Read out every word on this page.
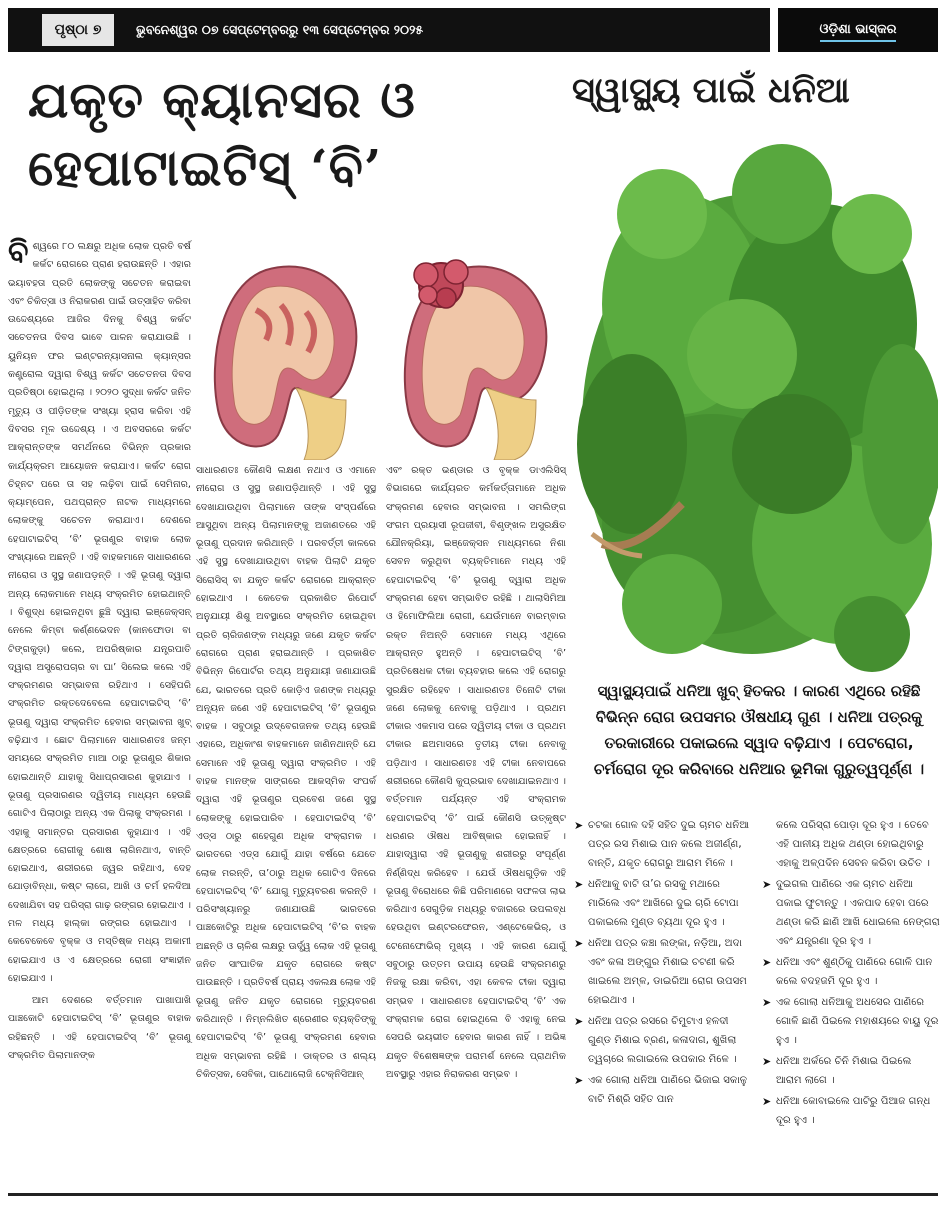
ପୃଷ୍ଠା ୭	ଭୁବନେଶ୍ୱର ୦୭ ସେପ୍ଟେମ୍ବରରୁ ୧୩ ସେପ୍ଟେମ୍ବର ୨୦୨୫	ଓଡ଼ିଶା ଭାସ୍କର
ଯକୃତ କ୍ୟାନସର ଓ
ହେପାଟାଇଟିସ୍ ‘ବି’
ସ୍ୱାସ୍ଥ୍ୟ ପାଇଁ ଧନିଆ

ବିଶ୍ୱରେ ୮୦ ଲକ୍ଷରୁ ଅଧିକ ଲୋକ ପ୍ରତି ବର୍ଷ କର୍କଟ ରୋଗରେ ପ୍ରାଣ ହରାଉଛନ୍ତି । ଏହାର ଭୟାବହତା ପ୍ରତି ଲୋକଙ୍କୁ ସଚେତନ କରାଇବା ଏବଂ ଚିକିତ୍ସା ଓ ନିରାକରଣ ପାଇଁ ଉତ୍ସାହିତ କରିବା ଉଦ୍ଦେଶ୍ୟରେ ଆଜିର ଦିନକୁ ବିଶ୍ୱ କର୍କଟ ସଚେତନତା ଦିବସ ଭାବେ ପାଳନ କରାଯାଉଛି । ୟୁନିୟନ ଫର ଇଣ୍ଟରନ୍ୟାସନାଲ କ୍ୟାନ୍ସର କଣ୍ଟ୍ରୋଲ ଦ୍ୱାରା ବିଶ୍ୱ କର୍କଟ ସଚେତନତା ଦିବସ ପ୍ରତିଷ୍ଠା ହୋଇଥିଲା । ୨୦୨୦ ସୁଦ୍ଧା କର୍କଟ ଜନିତ ମୃତ୍ୟୁ ଓ ପୀଡ଼ିତଙ୍କ ସଂଖ୍ୟା ହ୍ରାସ କରିବା ଏହି ଦିବସର ମୂଳ ଉଦ୍ଦେଶ୍ୟ । ଏ ଅବସରରେ କର୍କଟ ଆକ୍ରାନ୍ତଙ୍କ ସମର୍ଥନରେ ବିଭିନ୍ନ ପ୍ରକାର କାର୍ଯ୍ୟକ୍ରମ ଆୟୋଜନ କରାଯାଏ। କର୍କଟ ରୋଗ ଚିହ୍ନଟ ପରେ ତା ସହ ଲଢ଼ିବା ପାଇଁ ସେମିନାର, କ୍ୟାମ୍ପେନ, ପଥପ୍ରାନ୍ତ ନାଟକ ମାଧ୍ୟମରେ ଲୋକଙ୍କୁ ସଚେତନ କରାଯାଏ। ଦେଶରେ ହେପାଟାଇଟିସ୍ ‘ବି’ ଭୂତାଣୁର ବାହାକ ଲୋକ ସଂଖ୍ୟାରେ ଅଛନ୍ତି । ଏହି ବାହକମାନେ ସାଧାରଣରେ ନୀରୋଗ ଓ ସୁସ୍ଥ ଜଣାପଡ଼ନ୍ତି । ଏହି ଭୂତାଣୁ ଦ୍ୱାରା ଅନ୍ୟ ଲୋକମାନେ ମଧ୍ୟ ସଂକ୍ରମିତ ହୋଇଥାନ୍ତି । ବିଶୁଦ୍ଧ ହୋଇନଥିବା ଛୁଞ୍ଚି ଦ୍ୱାରା ଇଞ୍ଜେକ୍ସନ୍ ନେଲେ କିମ୍ବା କର୍ଣ୍ଣଭେଦନ (କାନଫୋଡା ବା ଟିଙ୍ଗକୁଡ଼ା) କଲେ, ଅପରିଷ୍କାର ଯନ୍ତ୍ରପାତି ଦ୍ୱାରା ଅସ୍ତ୍ରୋପଚାର ବା ଘା’ ସିଲେଇ କଲେ ଏହି ସଂକ୍ରମଣର ସମ୍ଭାବନା ରହିଥାଏ । ସେହିପରି ସଂକ୍ରମିତ ରକ୍ତଦେବେଲେ ହେପାଟାଇଟିସ୍ ‘ବି’ ଭୂତାଣୁ ଦ୍ୱାରା ସଂକ୍ରମିତ ହେବାର ସମ୍ଭାବନା ଖୁବ୍ ବଢ଼ିଯାଏ । ଛୋଟ ପିଲାମାନେ ସାଧାରଣତଃ ଜନ୍ମ ସମୟରେ ସଂକ୍ରମିତ ମାଆ ଠାରୁ ଭୂତାଣୁର ଶିକାର ହୋଇଥାନ୍ତି ଯାହାକୁ ସିଧାପ୍ରସାରଣ କୁହାଯାଏ । ଭୂତାଣୁ ପ୍ରସାରଣର ଦ୍ୱିତୀୟ ମାଧ୍ୟମ ହେଉଛି ଗୋଟିଏ ପିଲାଠାରୁ ଅନ୍ୟ ଏକ ପିଲାକୁ ସଂକ୍ରମଣ । ଏହାକୁ ସମାନ୍ତର ପ୍ରସାରଣ କୁହାଯାଏ । ଏହି କ୍ଷେତ୍ରରେ ରୋଗୀକୁ ଶୋଷ ଲାଗିନଥାଏ, ବାନ୍ତି ହୋଇଥାଏ, ଶରୀରରେ ଜ୍ୱର ରହିଥାଏ, ଦେହ ଯୋଡ଼ାବିନ୍ଧା, କଷ୍ଟ ଲାଗେ, ଆଖି ଓ ଚର୍ମ ହଳଦିଆ ଦେଖାଯିବା ସହ ପରିସ୍ରା ଗାଢ଼ ରଙ୍ଗର ହୋଇଥାଏ । ମଳ ମଧ୍ୟ ହାଲ୍କା ରଙ୍ଗର ହୋଇଥାଏ । କେବେକେବେ ବୃକ୍କ ଓ ମସ୍ତିଷ୍କ ମଧ୍ୟ ଅକାମୀ ହୋଇଯାଏ ଓ ଏ କ୍ଷେତ୍ରରେ ରୋଗୀ ସଂଜ୍ଞାହୀନ ହୋଇଯାଏ ।

ଆମ ଦେଶରେ ବର୍ତ୍ତମାନ ପାଖାପାଖି ପାଞ୍ଚକୋଟି ହେପାଟାଇଟିସ୍ ‘ବି’ ଭୂତାଣୁର ବାହାକ ରହିଛନ୍ତି । ଏହି ହେପାଟାଇଟିସ୍ ‘ବି’ ଭୂତାଣୁ ସଂକ୍ରମିତ ପିଲାମାନଙ୍କ

ସାଧାରଣତଃ କୌଣସି ଲକ୍ଷଣ ନଥାଏ ଓ ଏମାନେ ନୀରୋଗ ଓ ସୁସ୍ଥ ଜଣାପଡ଼ିଥାନ୍ତି । ଏହି ସୁସ୍ଥ ଦେଖାଯାଉଥିବା ପିଲାମାନେ ତାଙ୍କ ସଂସ୍ପର୍ଶରେ ଆସୁଥିବା ଅନ୍ୟ ପିଲାମାନଙ୍କୁ ଅଜାଣତରେ ଏହି ଭୂତାଣୁ ପ୍ରଦାନ କରିଥାନ୍ତି । ପରବର୍ତ୍ତୀ କାଳରେ ଏହି ସୁସ୍ଥ ଦେଖାଯାଉଥିବା ବାହକ ପିଲାଟି ଯକୃତ ସିରୋସିସ୍ ବା ଯକୃତ କର୍କଟ ରୋଗରେ ଆକ୍ରାନ୍ତ ହୋଇଥାଏ । କେତେକ ପ୍ରକାଶିତ ରିପୋର୍ଟ ଅନୁଯାୟୀ ଶିଶୁ ଅବସ୍ଥାରେ ସଂକ୍ରମିତ ହୋଇଥିବା ପ୍ରତି ଚାରିଜଣଙ୍କ ମଧ୍ୟରୁ ଜଣେ ଯକୃତ କର୍କଟ ରୋଗରେ ପ୍ରାଣ ହରାଇଥାନ୍ତି । ପ୍ରକାଶିତ ବିଭିନ୍ନ ରିପୋର୍ଟର ତଥ୍ୟ ଅନୁଯାୟୀ ଜଣାଯାଉଛି ଯେ, ଭାରତରେ ପ୍ରତି କୋଡ଼ିଏ ଜଣଙ୍କ ମଧ୍ୟରୁ ଅନ୍ୟୂନ ଜଣେ ଏହି ହେପାଟାଇଟିସ୍ ‘ବି’ ଭୂତାଣୁର ବାହକ । ସବୁଠାରୁ ଉଦ୍‌ବେଗଜନକ ତଥ୍ୟ ହେଉଛି ଏହାରେ, ଅଧିକାଂଶ ବାହକମାନେ ଜାଣିନଥାନ୍ତି ଯେ ସେମାନେ ଏହି ଭୂତାଣୁ ଦ୍ୱାରା ସଂକ୍ରମିତ । ଏହି ବାହକ ମାନଙ୍କ ସାଙ୍ଗରେ ଆକସ୍ମିକ ସଂପର୍କ ଦ୍ୱାରା ଏହି ଭୂତାଣୁର ପ୍ରବେଶ ଜଣେ ସୁସ୍ଥ ଲୋକଙ୍କୁ ହୋଇପାରିବ । ହେପାଟାଇଟିସ୍ ‘ବି’ ଏଡ୍‌ସ ଠାରୁ ଶହେଗୁଣ ଅଧିକ ସଂକ୍ରାମକ । ଭାରତରେ ଏଡ୍‌ସ ଯୋଗୁଁ ଯାହା ବର୍ଷରେ ଯେତେ ଲୋକ ମରନ୍ତି, ତା’ଠାରୁ ଅଧିକ ଗୋଟିଏ ଦିନରେ ହେପାଟାଇଟିସ୍ ‘ବି’ ଯୋଗୁ ମୃତ୍ୟୁବରଣ କରନ୍ତି । ପରିସଂଖ୍ୟାନରୁ ଜଣାଯାଉଛି ଭାରତରେ ପାଞ୍ଚକୋଟିରୁ ଅଧିକ ହେପାଟାଇଟିସ୍ ‘ବି’ର ବାହକ ଅଛନ୍ତି ଓ ଚାଳିଶ ଲକ୍ଷରୁ ଊର୍ଦ୍ଧ୍ୱ ଲୋକ ଏହି ଭୂତାଣୁ ଜନିତ ସାଂଘାତିକ ଯକୃତ ରୋଗରେ କଷ୍ଟ ପାଉଛନ୍ତି । ପ୍ରତିବର୍ଷ ପ୍ରାୟ ଏକଲକ୍ଷ ଲୋକ ଏହି ଭୂତାଣୁ ଜନିତ ଯକୃତ ରୋଗରେ ମୃତ୍ୟୁବରଣ କରିଥାନ୍ତି । ନିମ୍ନଲିଖିତ ଶ୍ରେଣୀର ବ୍ୟକ୍ତିଙ୍କୁ ହେପାଟାଇଟିସ୍ ‘ବି’ ଭୂତାଣୁ ସଂକ୍ରମଣ ହେବାର ଅଧିକ ସମ୍ଭାବନା ରହିଛି । ଡାକ୍ତର ଓ ଶଲ୍ୟ ଚିକିତ୍ସକ, ସେବିକା, ପାଥୋଲୋଜି ଟେକ୍‌ନିସିଆନ୍

ଏବଂ ରକ୍ତ ଭଣ୍ଡାର ଓ ବୃକ୍କ ଡାଏଲିସିସ୍ ବିଭାଗରେ କାର୍ଯ୍ୟରତ କର୍ମକର୍ତ୍ତାମାନେ ଅଧିକ ସଂକ୍ରମଣ ହେବାର ସମ୍ଭାବନା । ସମଲିଙ୍ଗ ସଂଗମ ପ୍ରୟାସୀ ରୂପଜୀବୀ, ବିଶୃଙ୍ଖଳ ଅସୁରକ୍ଷିତ ଯୌନକ୍ରିୟା, ଇଞ୍ଜେକ୍‌ସନ ମାଧ୍ୟମରେ ନିଶା ସେବନ କରୁଥିବା ବ୍ୟକ୍ତିମାନେ ମଧ୍ୟ ଏହି ହେପାଟାଇଟିସ୍ ‘ବି’ ଭୂତାଣୁ ଦ୍ୱାରା ଅଧିକ ସଂକ୍ରମଣ ହେବା ସମ୍ଭାବିତ ରହିଛି । ଥାଲାସିମିଆ ଓ ହିମୋଫିଲିଆ ରୋଗୀ, ଯେଉଁମାନେ ବାରମ୍ବାର ରକ୍ତ ନିଅନ୍ତି ସେମାନେ ମଧ୍ୟ ଏଥିରେ ଆକ୍ରାନ୍ତ ହୁଅନ୍ତି । ହେପାଟାଇଟିସ୍ ‘ବି’ ପ୍ରତିଷେଧକ ଟୀକା ବ୍ୟବହାର କଲେ ଏହି ରୋଗରୁ ସୁରକ୍ଷିତ ରହିହେବ । ସାଧାରଣତଃ ତିନୋଟି ଟୀକା ଜଣେ ଲୋକକୁ ନେବାକୁ ପଡ଼ିଥାଏ । ପ୍ରଥମ ଟୀକାର ଏକମାସ ପରେ ଦ୍ୱିତୀୟ ଟୀକା ଓ ପ୍ରଥମ ଟୀକାର ଛଅମାସରେ ତୃତୀୟ ଟୀକା ନେବାକୁ ପଡ଼ିଥାଏ । ସାଧାରଣତଃ ଏହି ଟୀକା ନେବାପରେ ଶରୀରରେ କୌଣସି କୁପ୍ରଭାବ ଦେଖାଯାଇନଥାଏ । ବର୍ତ୍ତମାନ ପର୍ଯ୍ୟନ୍ତ ଏହି ସଂକ୍ରାମକ ହେପାଟାଇଟିସ୍ ‘ବି’ ପାଇଁ କୌଣସି ଉତ୍କୃଷ୍ଟ ଧରଣର ଔଷଧ ଆବିଷ୍କାର ହୋଇନାହିଁ । ଯାହାଦ୍ୱାରା ଏହି ଭୂତାଣୁକୁ ଶରୀରରୁ ସଂପୂର୍ଣ୍ଣ ନିର୍ଣ୍ଣିଦ୍ଧ କରିହେବ । ଯେଉଁ ଔଷଧଗୁଡ଼ିକ ଏହି ଭୂତାଣୁ ବିରୋଧରେ କିଛି ପରିମାଣରେ ସଫଳତା ଲାଭ କରିଥାଏ ସେଗୁଡ଼ିକ ମଧ୍ୟରୁ ବଜାରରେ ଉପଲବ୍ଧ ହେଉଥିବା ଇଣ୍ଟରଫେରନ, ଏଣ୍ଟେକେଭିର୍, ଓ ଟେନୋଫୋଭିର୍ ମୁଖ୍ୟ । ଏହି କାରଣ ଯୋଗୁଁ ସବୁଠାରୁ ଉତ୍ତମ ଉପାୟ ହେଉଛି ସଂକ୍ରମଣରୁ ନିଜକୁ ରକ୍ଷା କରିବା, ଏହା କେବଳ ଟୀକା ଦ୍ୱାରା ସମ୍ଭବ । ସାଧାରଣତଃ ହେପାଟାଇଟିସ୍ ‘ବି’ ଏକ ସଂକ୍ରାମକ ରୋଗ ହୋଇଥିଲେ ବି ଏହାକୁ ନେଇ ସେପରି ଭୟଭୀତ ହେବାର କାରଣ ନାହିଁ । ଅଭିଜ୍ଞ ଯକୃତ ବିଶେଷଜ୍ଞଙ୍କ ପରାମର୍ଶ ନେଲେ ପ୍ରାଥମିକ ଅବସ୍ଥାରୁ ଏହାର ନିରାକରଣ ସମ୍ଭବ ।

ସ୍ୱାସ୍ଥ୍ୟପାଇଁ ଧନିଆ ଖୁବ୍ ହିତକର । କାରଣ ଏଥିରେ ରହିଛି ବିଭିନ୍ନ ରୋଗ ଉପସମର ଔଷଧୀୟ ଗୁଣ । ଧନିଆ ପତ୍ରକୁ ତରକାରୀରେ ପକାଇଲେ ସ୍ୱାଦ ବଢ଼ିଯାଏ । ପେଟରୋଗ, ଚର୍ମରୋଗ ଦୂର କରିବାରେ ଧନିଆର ଭୂମିକା ଗୁରୁତ୍ୱପୂର୍ଣ୍ଣ ।
➤ ଚଟକା ଗୋଳ ଦହି ସହିତ ଦୁଇ ଚାମଚ ଧନିଆ ପତ୍ର ରସ ମିଶାଇ ପାନ କଲେ ଅଜୀର୍ଣ୍ଣ, ବାନ୍ତି, ଯକୃତ ରୋଗରୁ ଆରାମ ମିଳେ ।
➤ ଧନିଆକୁ ବାଟି ତା’ର ରସକୁ ମଥାରେ ମାରିଲେ ଏବଂ ଆଖିରେ ଦୁଇ ଚାରି ଟୋପା ପକାଇଲେ ମୁଣ୍ଡ ବ୍ୟଥା ଦୂର ହୁଏ ।
➤ ଧନିଆ ପତ୍ର କଞ୍ଚା ଲଙ୍କା, ନଡ଼ିଆ, ଅଦା ଏବଂ କଳା ଅଙ୍ଗୁର ମିଶାଇ ଚଟଣୀ କରି ଖାଇଲେ ଅମ୍ଳ, ଡାଇରିଆ ରୋଗ ଉପସମ ହୋଇଥାଏ ।
➤ ଧନିଆ ପତ୍ର ରସରେ ଚିମୁଟାଏ ହଳଦୀ ଗୁଣ୍ଡ ମିଶାଇ ବ୍ରଣ, କଳାଦାଗ, ଶୁଖିଲା ତ୍ୱଚାରେ ଲଗାଇଲେ ଉପକାର ମିଳେ ।
➤ ଏକ ଗୋଲା ଧନିଆ ପାଣିରେ ଭିଜାଇ ସକାଳୁ ବାଟି ମିଶ୍ରି ସହିତ ପାନ
କଲେ ପରିସ୍ରା ପୋଡ଼ା ଦୂର ହୁଏ । ତେବେ ଏହି ପାନୀୟ ଅଧିକ ଥଣ୍ଡା ହୋଇଥିବାରୁ ଏହାକୁ ଅଳ୍ପଦିନ ସେବନ କରିବା ଉଚିତ ।
➤ ଦୁଇଗଲ ପାଣିରେ ଏକ ଚାମଚ ଧନିଆ ପକାଇ ଫୁଟାନ୍ତୁ । ଏକପାଦ ହେବା ପରେ ଥଣ୍ଡା କରି ଛାଣି ଆଖି ଧୋଇଲେ ନେଙ୍ଗରା ଏବଂ ଯନ୍ତ୍ରଣା ଦୂର ହୁଏ ।
➤ ଧନିଆ ଏବଂ ଶୁଣ୍ଠିକୁ ପାଣିରେ ଗୋଳି ପାନ କଲେ ବଦହଜମି ଦୂର ହୁଏ ।
➤ ଏକ ଗୋଲା ଧନିଆକୁ ଅଧସେର ପାଣିରେ ଗୋଳି ଛାଣି ପିଇଲେ ମହାଶୟରେ ବାୟୁ ଦୂର ହୁଏ ।
➤ ଧନିଆ ଅର୍କରେ ଚିନି ମିଶାଇ ପିଇଲେ ଆରାମ ଲାଗେ ।
➤ ଧନିଆ କୋବାଇଲେ ପାଟିରୁ ପିଆଜ ଗନ୍ଧ ଦୂର ହୁଏ ।
